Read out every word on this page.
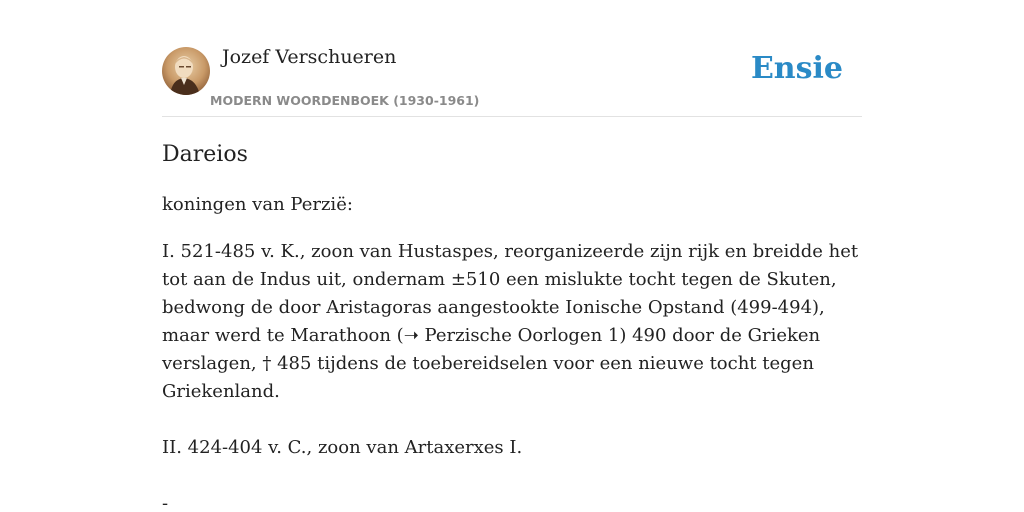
Jozef Verschueren
MODERN WOORDENBOEK (1930-1961)
Ensie
Dareios

koningen van Perzië:

I. 521-485 v. K., zoon van Hustaspes, reorganizeerde zijn rijk en breidde het tot aan de Indus uit, ondernam ±510 een mislukte tocht tegen de Skuten, bedwong de door Aristagoras aangestookte Ionische Opstand (499-494), maar werd te Marathoon (➝ Perzische Oorlogen 1) 490 door de Grieken verslagen, † 485 tijdens de toebereidselen voor een nieuwe tocht tegen Griekenland.

II. 424-404 v. C., zoon van Artaxerxes I.

-
